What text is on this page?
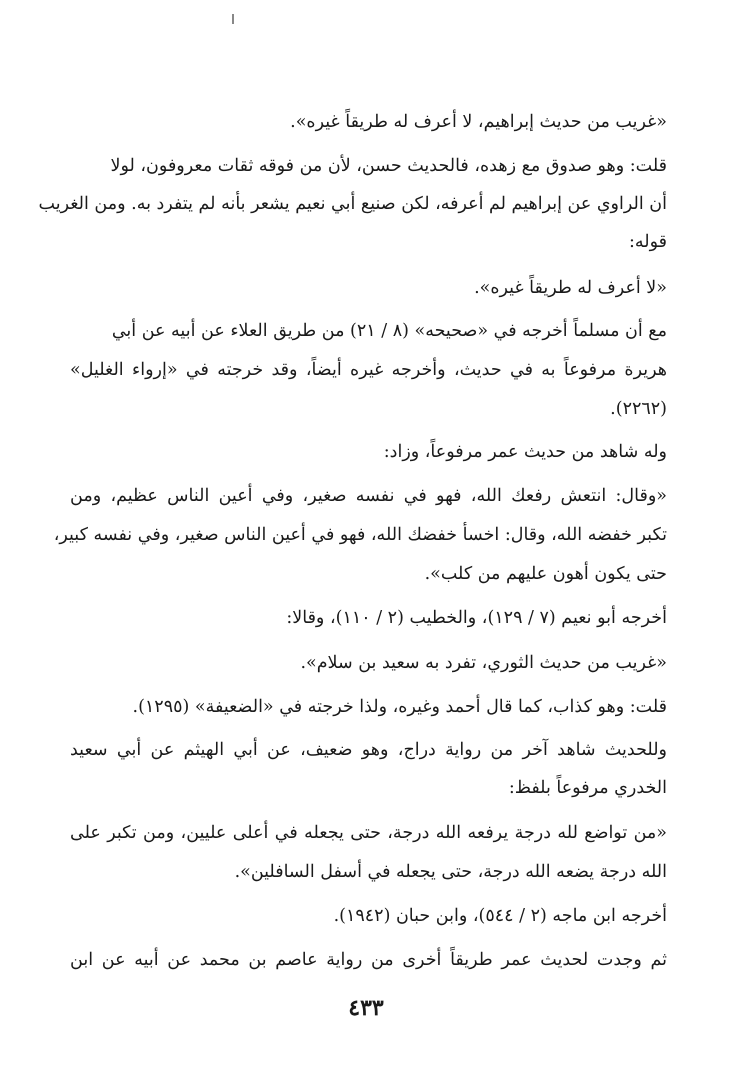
«غريب من حديث إبراهيم، لا أعرف له طريقاً غيره».
قلت: وهو صدوق مع زهده، فالحديث حسن، لأن من فوقه ثقات معروفون، لولا
أن الراوي عن إبراهيم لم أعرفه، لكن صنيع أبي نعيم يشعر بأنه لم يتفرد به. ومن الغريب
قوله:
«لا أعرف له طريقاً غيره».
مع أن مسلماً أخرجه في «صحيحه» (٨ / ٢١) من طريق العلاء عن أبيه عن أبي
هريرة مرفوعاً به في حديث، وأخرجه غيره أيضاً، وقد خرجته في «إرواء الغليل»
(٢٢٦٢).
وله شاهد من حديث عمر مرفوعاً، وزاد:
«وقال: انتعش رفعك الله، فهو في نفسه صغير، وفي أعين الناس عظيم، ومن
تكبر خفضه الله، وقال: اخسأ خفضك الله، فهو في أعين الناس صغير، وفي نفسه كبير،
حتى يكون أهون عليهم من كلب».
أخرجه أبو نعيم (٧ / ١٢٩)، والخطيب (٢ / ١١٠)، وقالا:
«غريب من حديث الثوري، تفرد به سعيد بن سلام».
قلت: وهو كذاب، كما قال أحمد وغيره، ولذا خرجته في «الضعيفة» (١٢٩٥).
وللحديث شاهد آخر من رواية دراج، وهو ضعيف، عن أبي الهيثم عن أبي سعيد
الخدري مرفوعاً بلفظ:
«من تواضع لله درجة يرفعه الله درجة، حتى يجعله في أعلى عليين، ومن تكبر على
الله درجة يضعه الله درجة، حتى يجعله في أسفل السافلين».
أخرجه ابن ماجه (٢ / ٥٤٤)، وابن حبان (١٩٤٢).
ثم وجدت لحديث عمر طريقاً أخرى من رواية عاصم بن محمد عن أبيه عن ابن
٤٣٣
